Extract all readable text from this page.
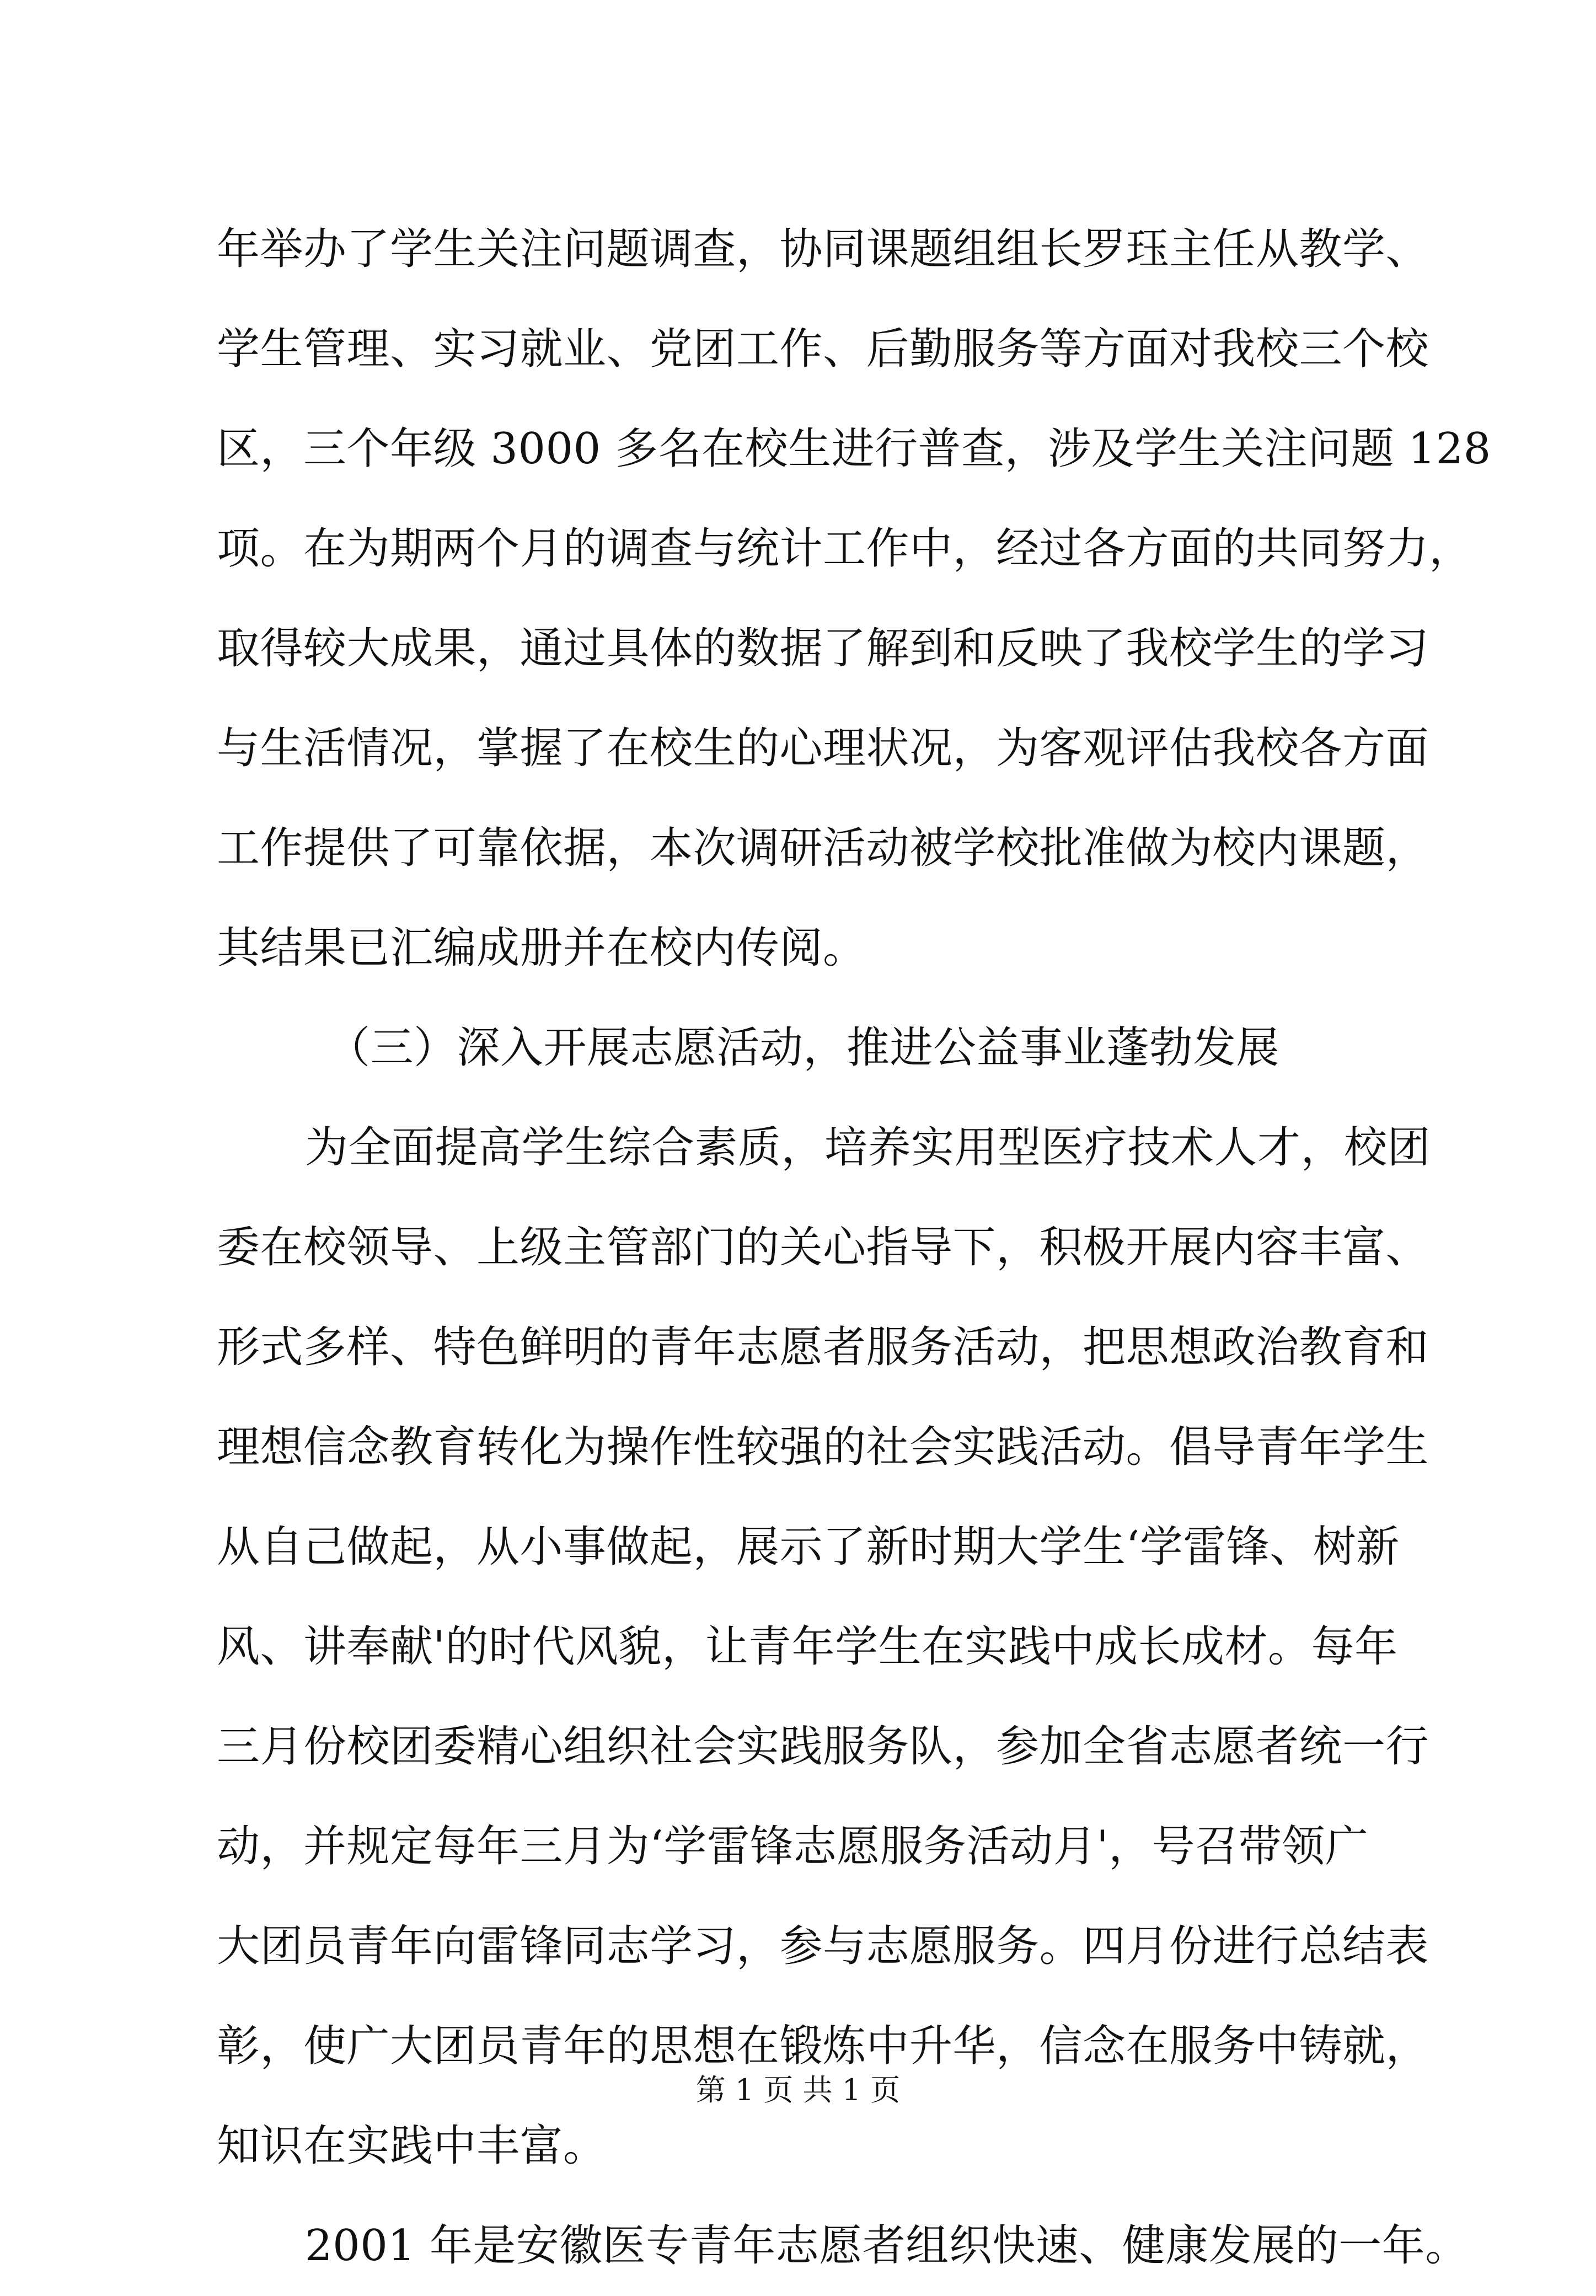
年举办了学生关注问题调查，协同课题组组长罗珏主任从教学、
学生管理、实习就业、党团工作、后勤服务等方面对我校三个校
区，三个年级 3000 多名在校生进行普查，涉及学生关注问题 128
项。在为期两个月的调查与统计工作中，经过各方面的共同努力，
取得较大成果，通过具体的数据了解到和反映了我校学生的学习
与生活情况，掌握了在校生的心理状况，为客观评估我校各方面
工作提供了可靠依据，本次调研活动被学校批准做为校内课题，
其结果已汇编成册并在校内传阅。
（三）深入开展志愿活动，推进公益事业蓬勃发展
为全面提高学生综合素质，培养实用型医疗技术人才，校团
委在校领导、上级主管部门的关心指导下，积极开展内容丰富、
形式多样、特色鲜明的青年志愿者服务活动，把思想政治教育和
理想信念教育转化为操作性较强的社会实践活动。倡导青年学生
从自己做起，从小事做起，展示了新时期大学生‘学雷锋、树新
风、讲奉献'的时代风貌，让青年学生在实践中成长成材。每年
三月份校团委精心组织社会实践服务队，参加全省志愿者统一行
动，并规定每年三月为‘学雷锋志愿服务活动月'，号召带领广
大团员青年向雷锋同志学习，参与志愿服务。四月份进行总结表
彰，使广大团员青年的思想在锻炼中升华，信念在服务中铸就，
知识在实践中丰富。
2001 年是安徽医专青年志愿者组织快速、健康发展的一年。
第 1 页 共 1 页
